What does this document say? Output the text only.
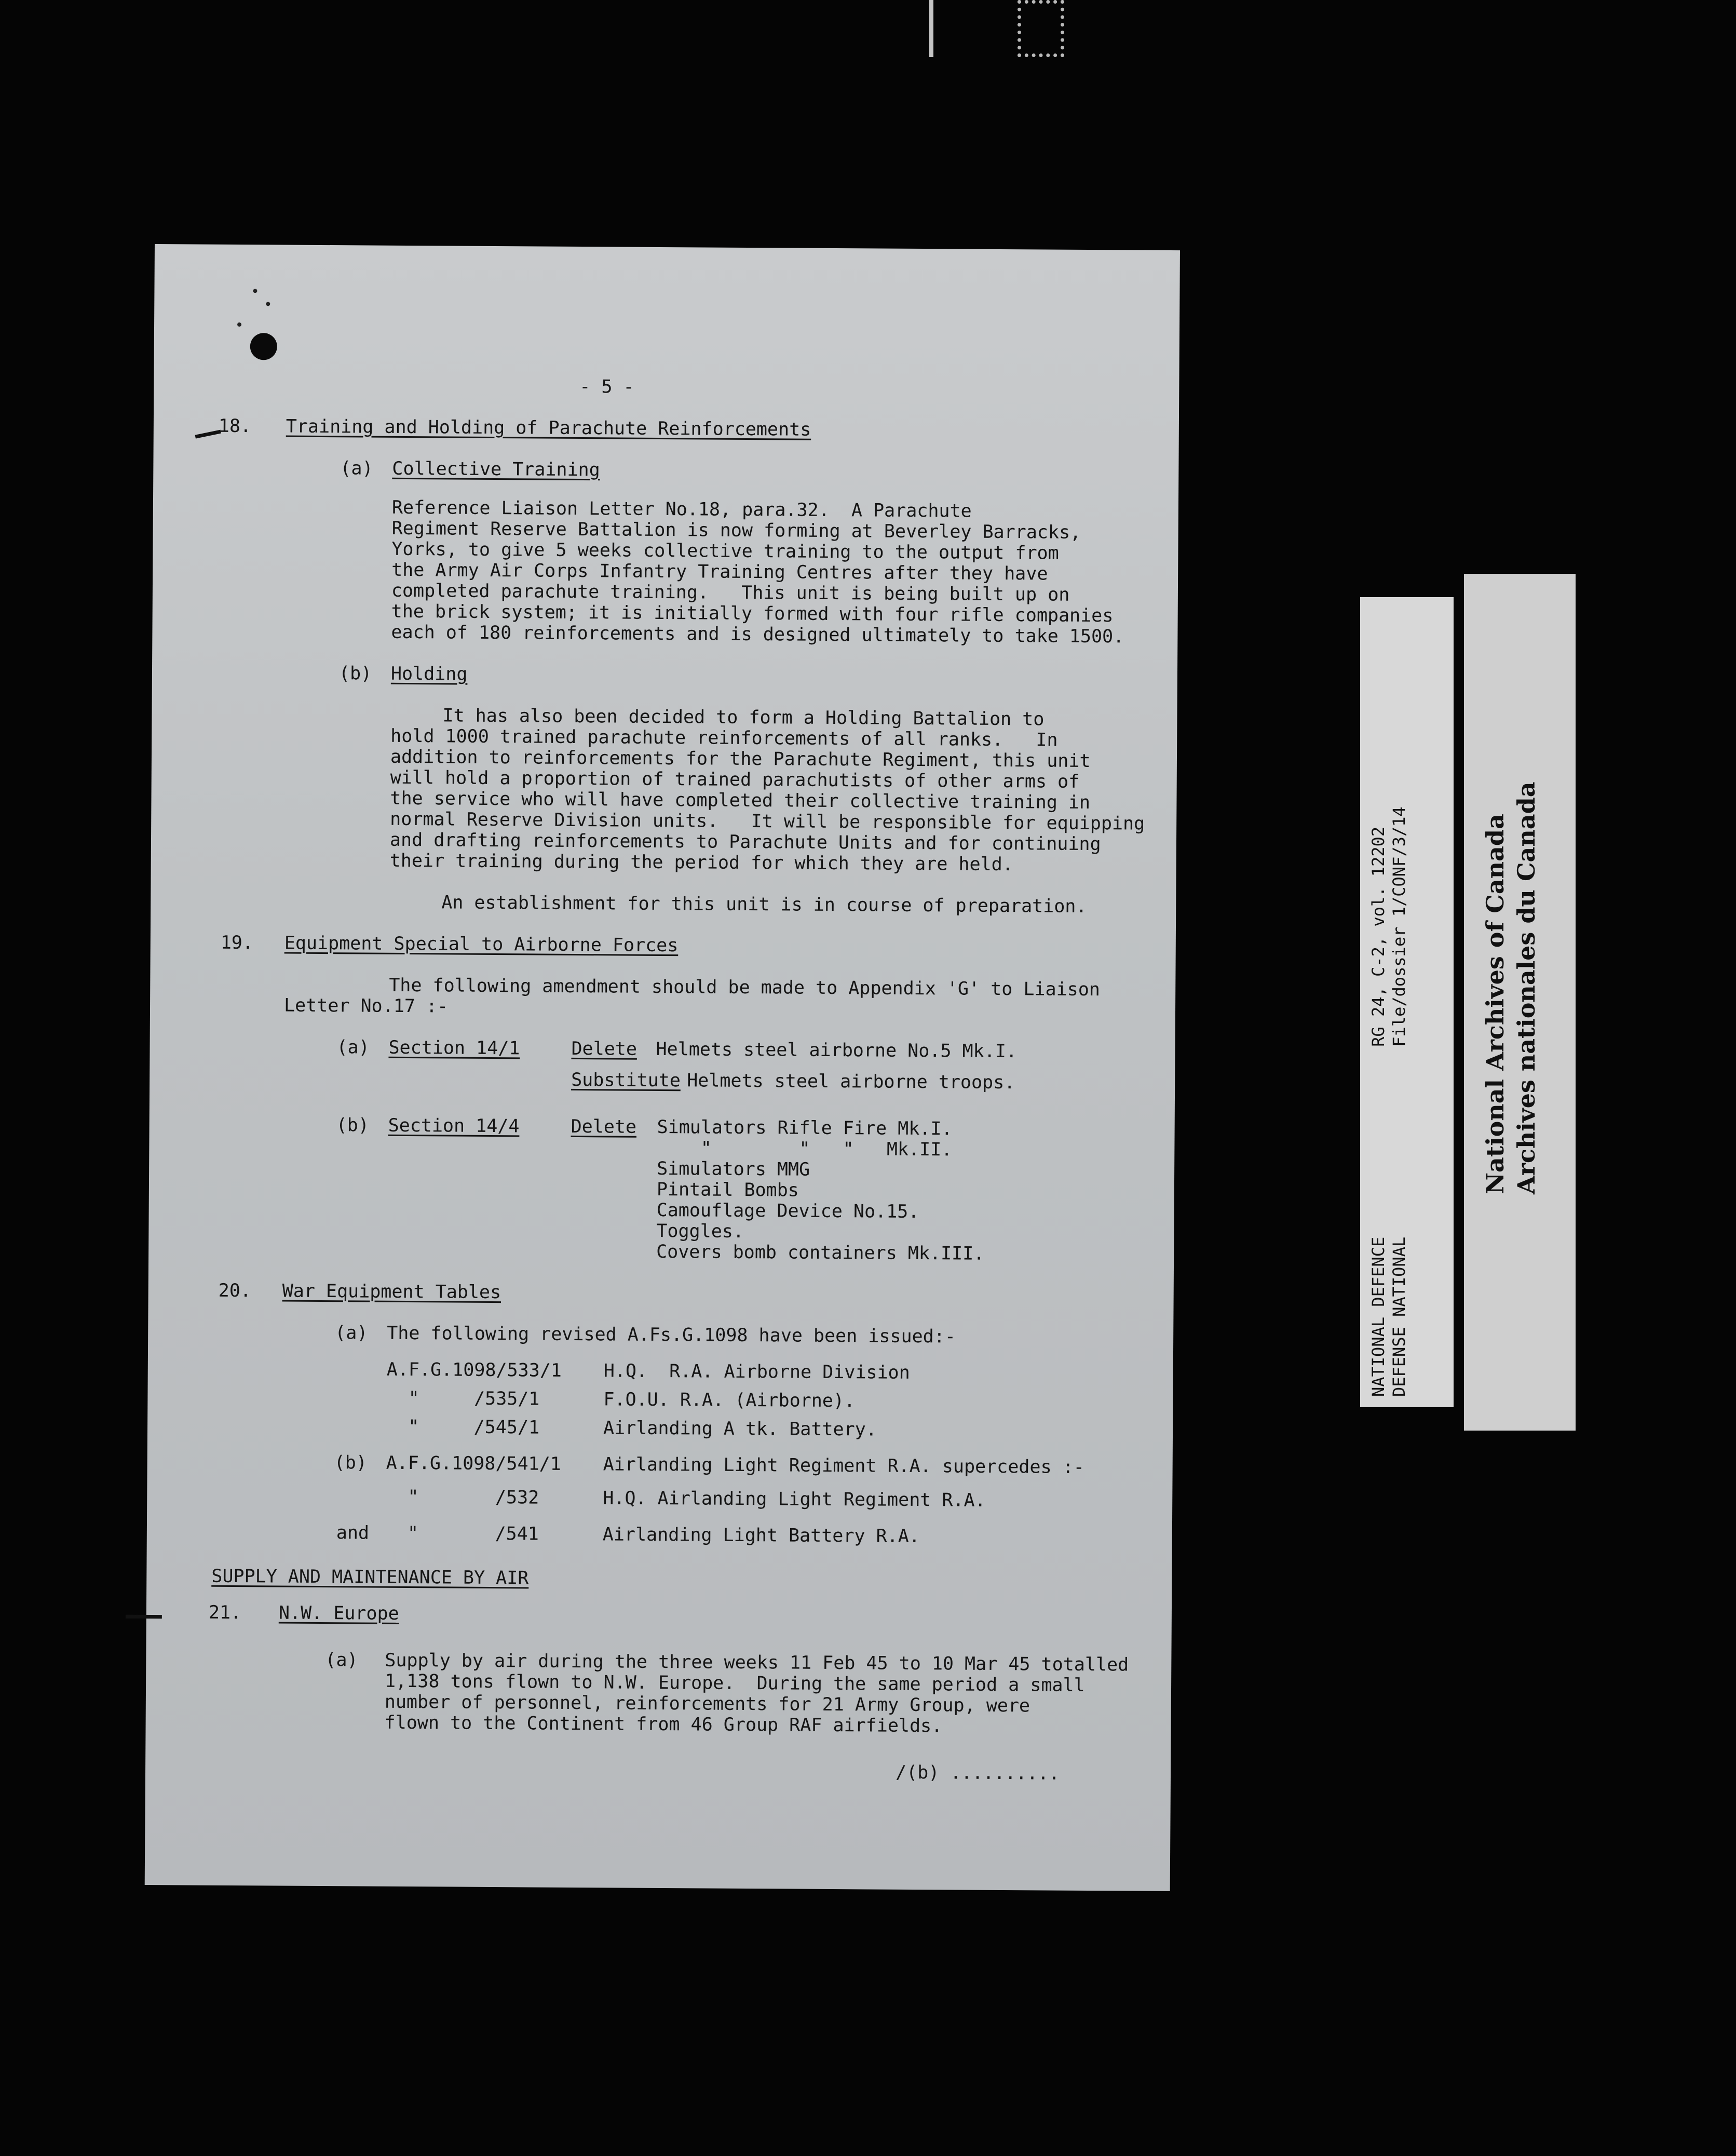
- 5 -
18. Training and Holding of Parachute Reinforcements
(a) Collective Training
Reference Liaison Letter No.18, para.32.  A Parachute
Regiment Reserve Battalion is now forming at Beverley Barracks,
Yorks, to give 5 weeks collective training to the output from
the Army Air Corps Infantry Training Centres after they have
completed parachute training.   This unit is being built up on
the brick system; it is initially formed with four rifle companies
each of 180 reinforcements and is designed ultimately to take 1500.
(b) Holding
It has also been decided to form a Holding Battalion to
hold 1000 trained parachute reinforcements of all ranks.   In
addition to reinforcements for the Parachute Regiment, this unit
will hold a proportion of trained parachutists of other arms of
the service who will have completed their collective training in
normal Reserve Division units.   It will be responsible for equipping
and drafting reinforcements to Parachute Units and for continuing
their training during the period for which they are held.
An establishment for this unit is in course of preparation.
19. Equipment Special to Airborne Forces
The following amendment should be made to Appendix 'G' to Liaison
Letter No.17 :-
(a) Section 14/1	Delete Helmets steel airborne No.5 Mk.I.
Substitute Helmets steel airborne troops.
(b) Section 14/4	Delete Simulators Rifle Fire Mk.I.
"        "   "   Mk.II.
Simulators MMG
Pintail Bombs
Camouflage Device No.15.
Toggles.
Covers bomb containers Mk.III.
20. War Equipment Tables
(a) The following revised A.Fs.G.1098 have been issued:-
A.F.G.1098/533/1 H.Q.  R.A. Airborne Division
"     /535/1	F.O.U. R.A. (Airborne).
"     /545/1	Airlanding A tk. Battery.
(b) A.F.G.1098/541/1 Airlanding Light Regiment R.A. supercedes :-
"       /532	H.Q. Airlanding Light Regiment R.A.
and "       /541	Airlanding Light Battery R.A.
SUPPLY AND MAINTENANCE BY AIR
21. N.W. Europe
(a) Supply by air during the three weeks 11 Feb 45 to 10 Mar 45 totalled
1,138 tons flown to N.W. Europe.  During the same period a small
number of personnel, reinforcements for 21 Army Group, were
flown to the Continent from 46 Group RAF airfields.
/(b) ..........
NATIONAL DEFENCE                   RG 24, C-2, vol. 12202
DEFENSE NATIONAL                   File/dossier 1/CONF/3/14	National Archives of Canada Archives nationales du Canada
